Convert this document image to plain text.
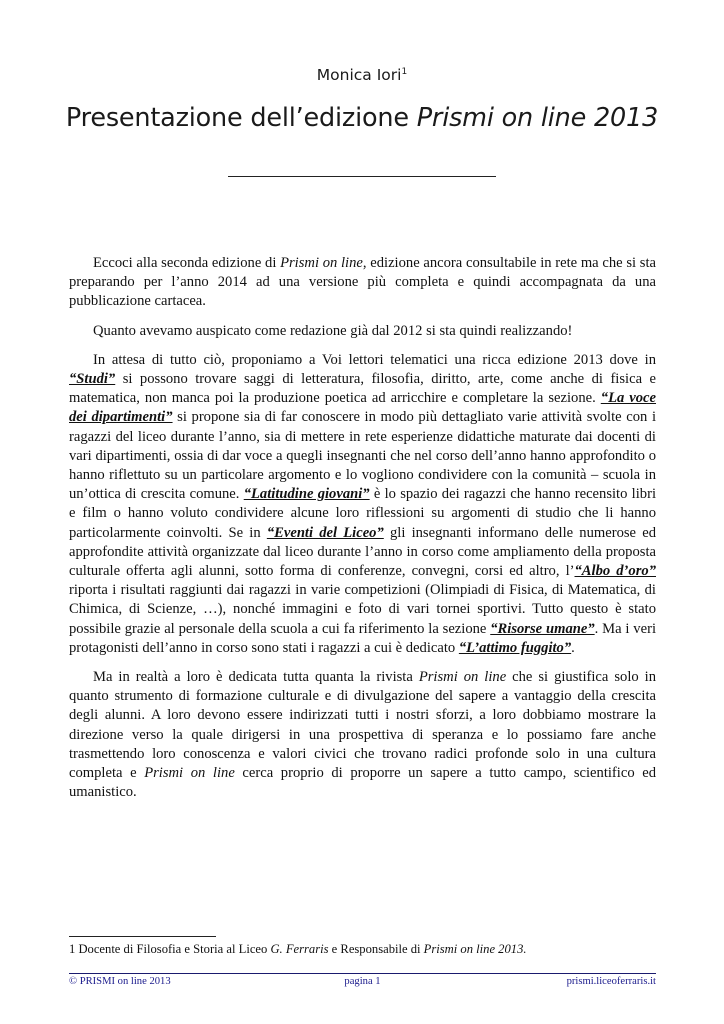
Monica Iori$^1$
Presentazione dell’edizione Prismi on line 2013

Eccoci alla seconda edizione di Prismi on line, edizione ancora consultabile in rete ma che si sta preparando per l’anno 2014 ad una versione più completa e quindi accompagnata da una pubblicazione cartacea.

Quanto avevamo auspicato come redazione già dal 2012 si sta quindi realizzando!

In attesa di tutto ciò, proponiamo a Voi lettori telematici una ricca edizione 2013 dove in “Studi” si possono trovare saggi di letteratura, filosofia, diritto, arte, come anche di fisica e matematica, non manca poi la produzione poetica ad arricchire e completare la sezione. “La voce dei dipartimenti” si propone sia di far conoscere in modo più dettagliato varie attività svolte con i ragazzi del liceo durante l’anno, sia di mettere in rete esperienze didattiche maturate dai docenti di vari dipartimenti, ossia di dar voce a quegli insegnanti che nel corso dell’anno hanno approfondito o hanno riflettuto su un particolare argomento e lo vogliono condividere con la comunità – scuola in un’ottica di crescita comune. “Latitudine giovani” è lo spazio dei ragazzi che hanno recensito libri e film o hanno voluto condividere alcune loro riflessioni su argomenti di studio che li hanno particolarmente coinvolti. Se in “Eventi del Liceo” gli insegnanti informano delle numerose ed approfondite attività organizzate dal liceo durante l’anno in corso come ampliamento della proposta culturale offerta agli alunni, sotto forma di conferenze, convegni, corsi ed altro, l’“Albo d’oro” riporta i risultati raggiunti dai ragazzi in varie competizioni (Olimpiadi di Fisica, di Matematica, di Chimica, di Scienze, …), nonché immagini e foto di vari tornei sportivi. Tutto questo è stato possibile grazie al personale della scuola a cui fa riferimento la sezione “Risorse umane”. Ma i veri protagonisti dell’anno in corso sono stati i ragazzi a cui è dedicato “L’attimo fuggito”.

Ma in realtà a loro è dedicata tutta quanta la rivista Prismi on line che si giustifica solo in quanto strumento di formazione culturale e di divulgazione del sapere a vantaggio della crescita degli alunni. A loro devono essere indirizzati tutti i nostri sforzi, a loro dobbiamo mostrare la direzione verso la quale dirigersi in una prospettiva di speranza e lo possiamo fare anche trasmettendo loro conoscenza e valori civici che trovano radici profonde solo in una cultura completa e Prismi on line cerca proprio di proporre un sapere a tutto campo, scientifico ed umanistico.

1 Docente di Filosofia e Storia al Liceo G. Ferraris e Responsabile di Prismi on line 2013.
© PRISMI on line 2013	pagina 1	prismi.liceoferraris.it
